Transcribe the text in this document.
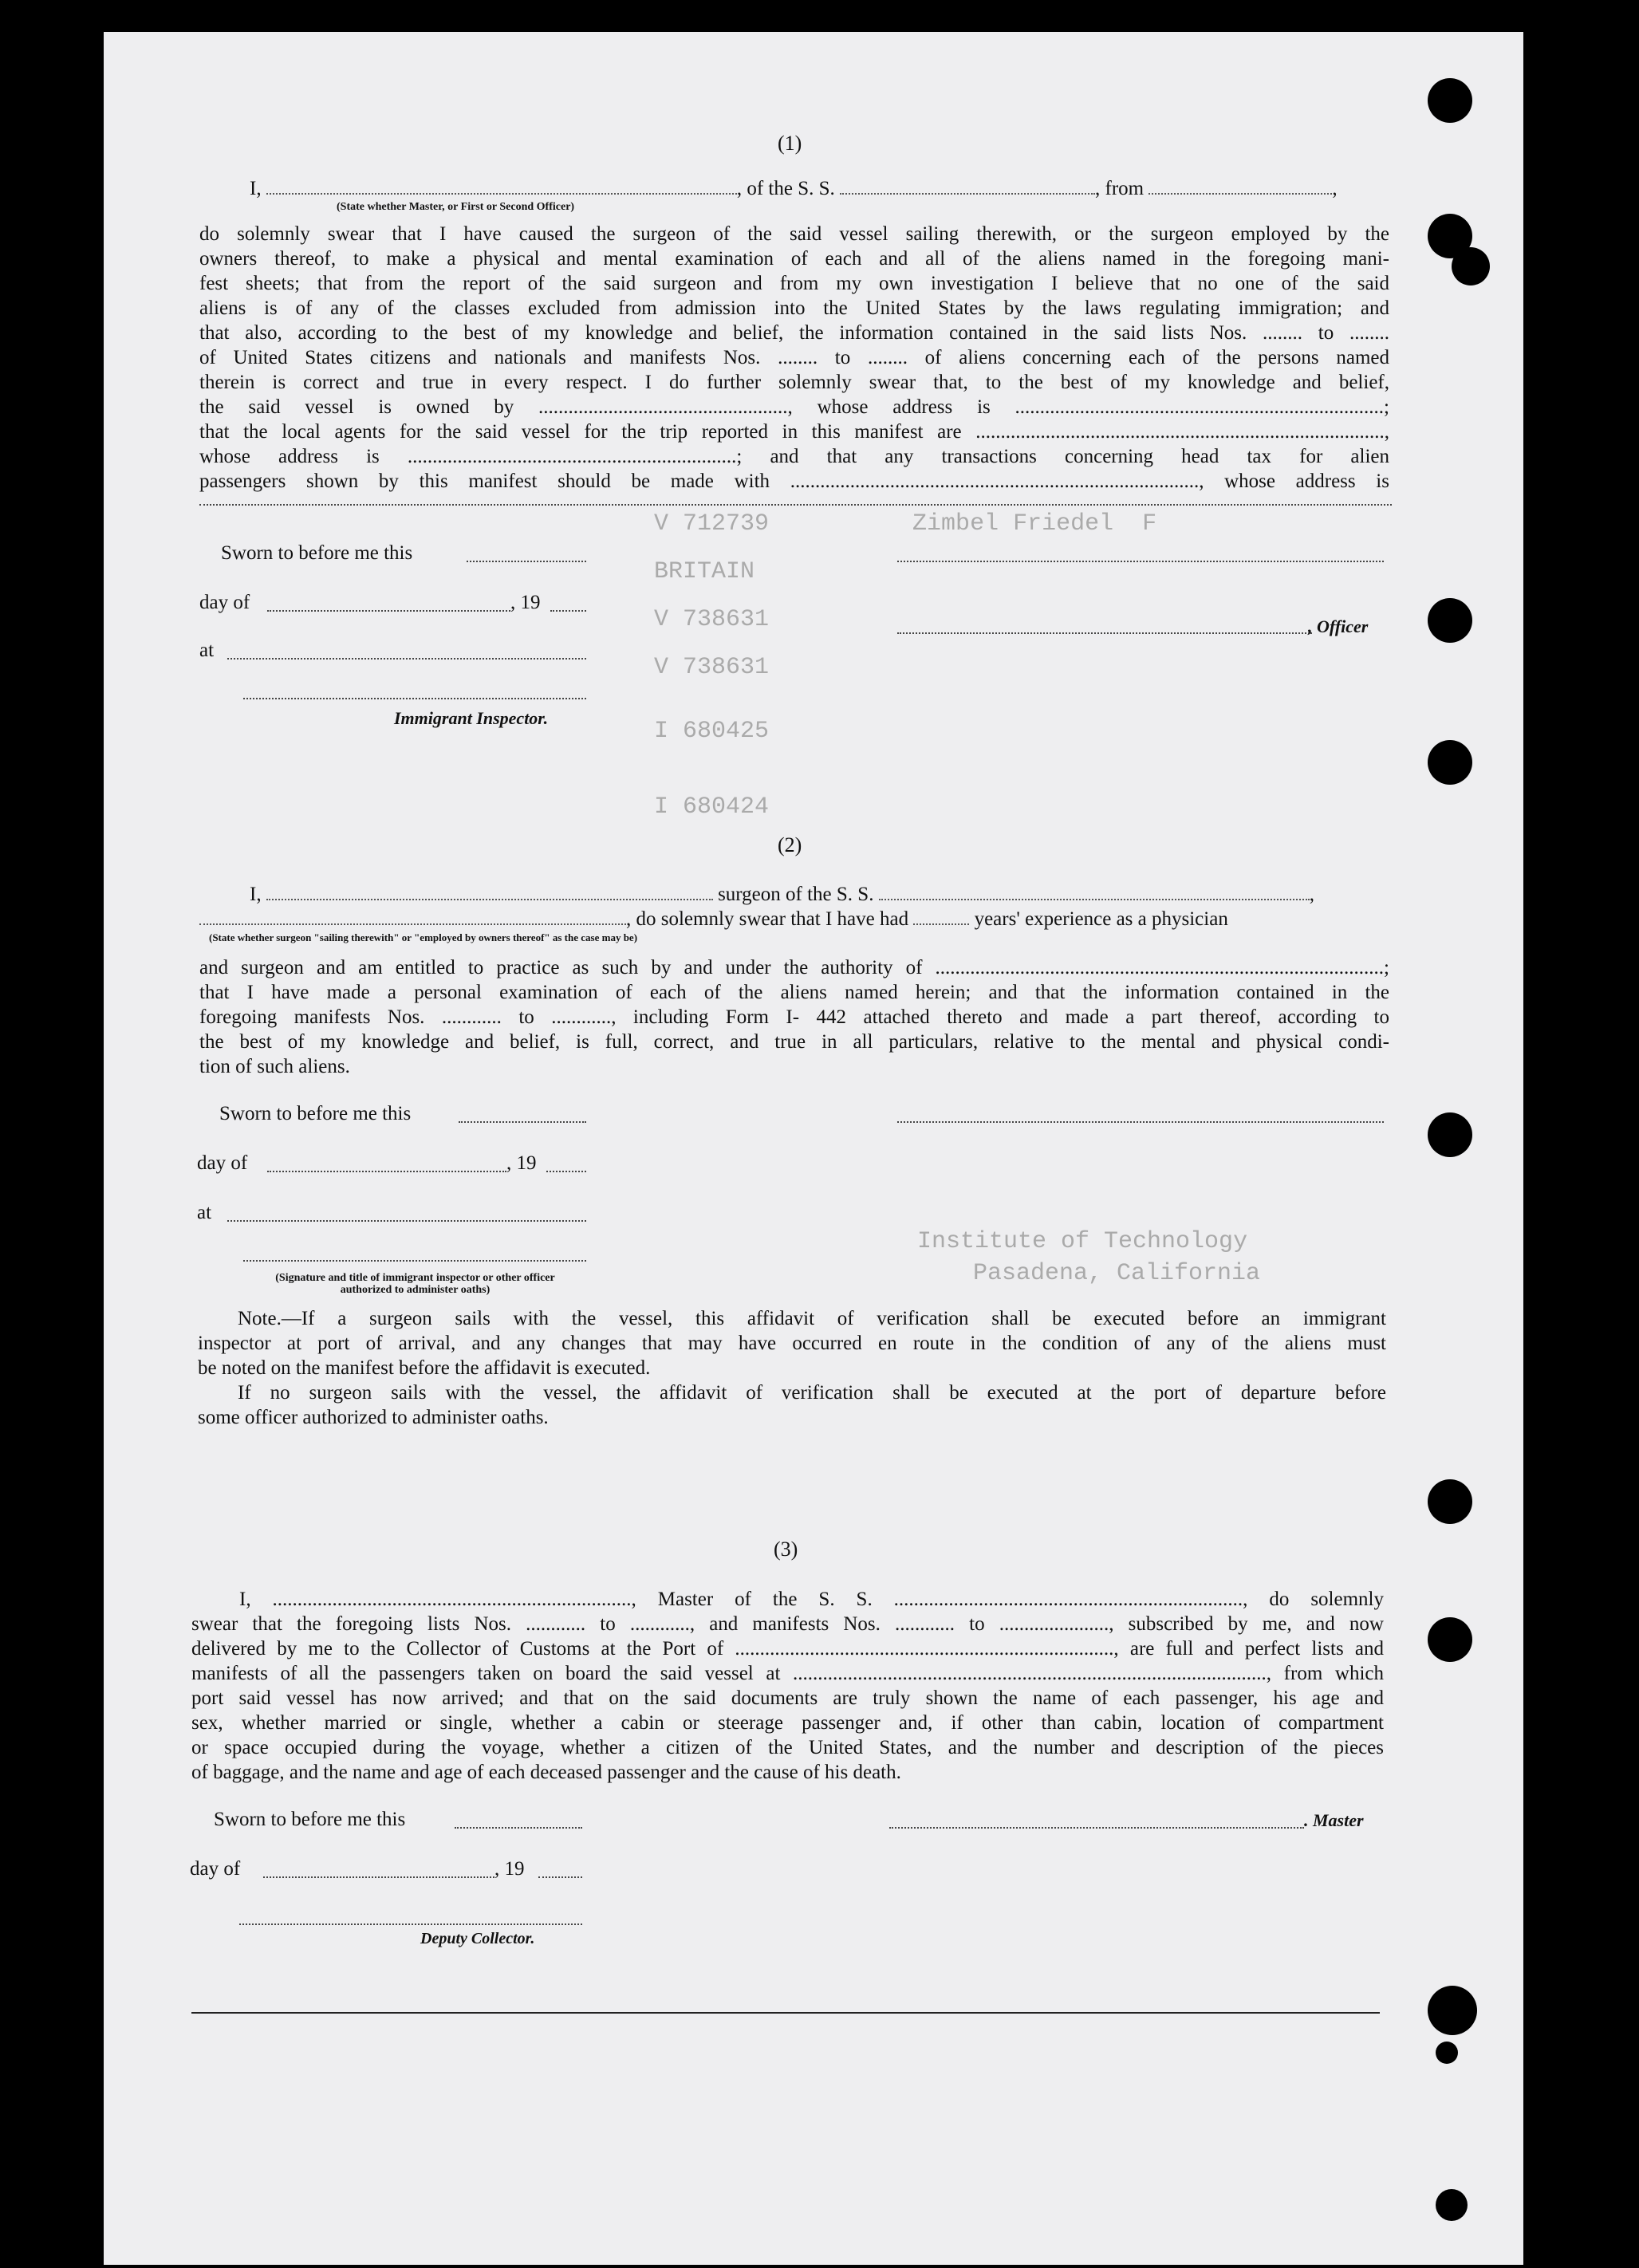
V 712739          Zimbel Friedel  F
BRITAIN
V 738631
V 738631
I 680425
I 680424
Institute of Technology
Pasadena, California
(1)
I,	, of the S. S.	, from	,
(State whether Master, or First or Second Officer)
do solemnly swear that I have caused the surgeon of the said vessel sailing therewith, or the surgeon employed by the
owners thereof, to make a physical and mental examination of each and all of the aliens named in the foregoing mani-
fest sheets; that from the report of the said surgeon and from my own investigation I believe that no one of the said
aliens is of any of the classes excluded from admission into the United States by the laws regulating immigration; and
that also, according to the best of my knowledge and belief, the information contained in the said lists Nos. ........ to ........
of United States citizens and nationals and manifests Nos. ........ to ........ of aliens concerning each of the persons named
therein is correct and true in every respect. I do further solemnly swear that, to the best of my knowledge and belief,
the said vessel is owned by .................................................., whose address is ..........................................................................;
that the local agents for the said vessel for the trip reported in this manifest are ..................................................................................,
whose address is ..................................................................; and that any transactions concerning head tax for alien
passengers shown by this manifest should be made with .................................................................................., whose address is
Sworn to before me this
day of	, 19
at
Immigrant Inspector.
, Officer
(2)
I,	surgeon of the S. S.	,
, do solemnly swear that I have had	years' experience as a physician
(State whether surgeon "sailing therewith" or "employed by owners thereof" as the case may be)
and surgeon and am entitled to practice as such by and under the authority of ..........................................................................................;
that I have made a personal examination of each of the aliens named herein; and that the information contained in the
foregoing manifests Nos. ............ to ............, including Form I- 442 attached thereto and made a part thereof, according to
the best of my knowledge and belief, is full, correct, and true in all particulars, relative to the mental and physical condi-
tion of such aliens.
Sworn to before me this
day of	, 19
at
(Signature and title of immigrant inspector or other officer authorized to administer oaths)
Note.—If a surgeon sails with the vessel, this affidavit of verification shall be executed before an immigrant
inspector at port of arrival, and any changes that may have occurred en route in the condition of any of the aliens must
be noted on the manifest before the affidavit is executed.
If no surgeon sails with the vessel, the affidavit of verification shall be executed at the port of departure before
some officer authorized to administer oaths.
(3)
I, ........................................................................, Master of the S. S. ......................................................................, do solemnly
swear that the foregoing lists Nos. ............ to ............, and manifests Nos. ............ to ......................, subscribed by me, and now
delivered by me to the Collector of Customs at the Port of ............................................................................, are full and perfect lists and
manifests of all the passengers taken on board the said vessel at ..............................................................................................., from which
port said vessel has now arrived; and that on the said documents are truly shown the name of each passenger, his age and
sex, whether married or single, whether a cabin or steerage passenger and, if other than cabin, location of compartment
or space occupied during the voyage, whether a citizen of the United States, and the number and description of the pieces
of baggage, and the name and age of each deceased passenger and the cause of his death.
Sworn to before me this	. Master
day of	, 19
Deputy Collector.
